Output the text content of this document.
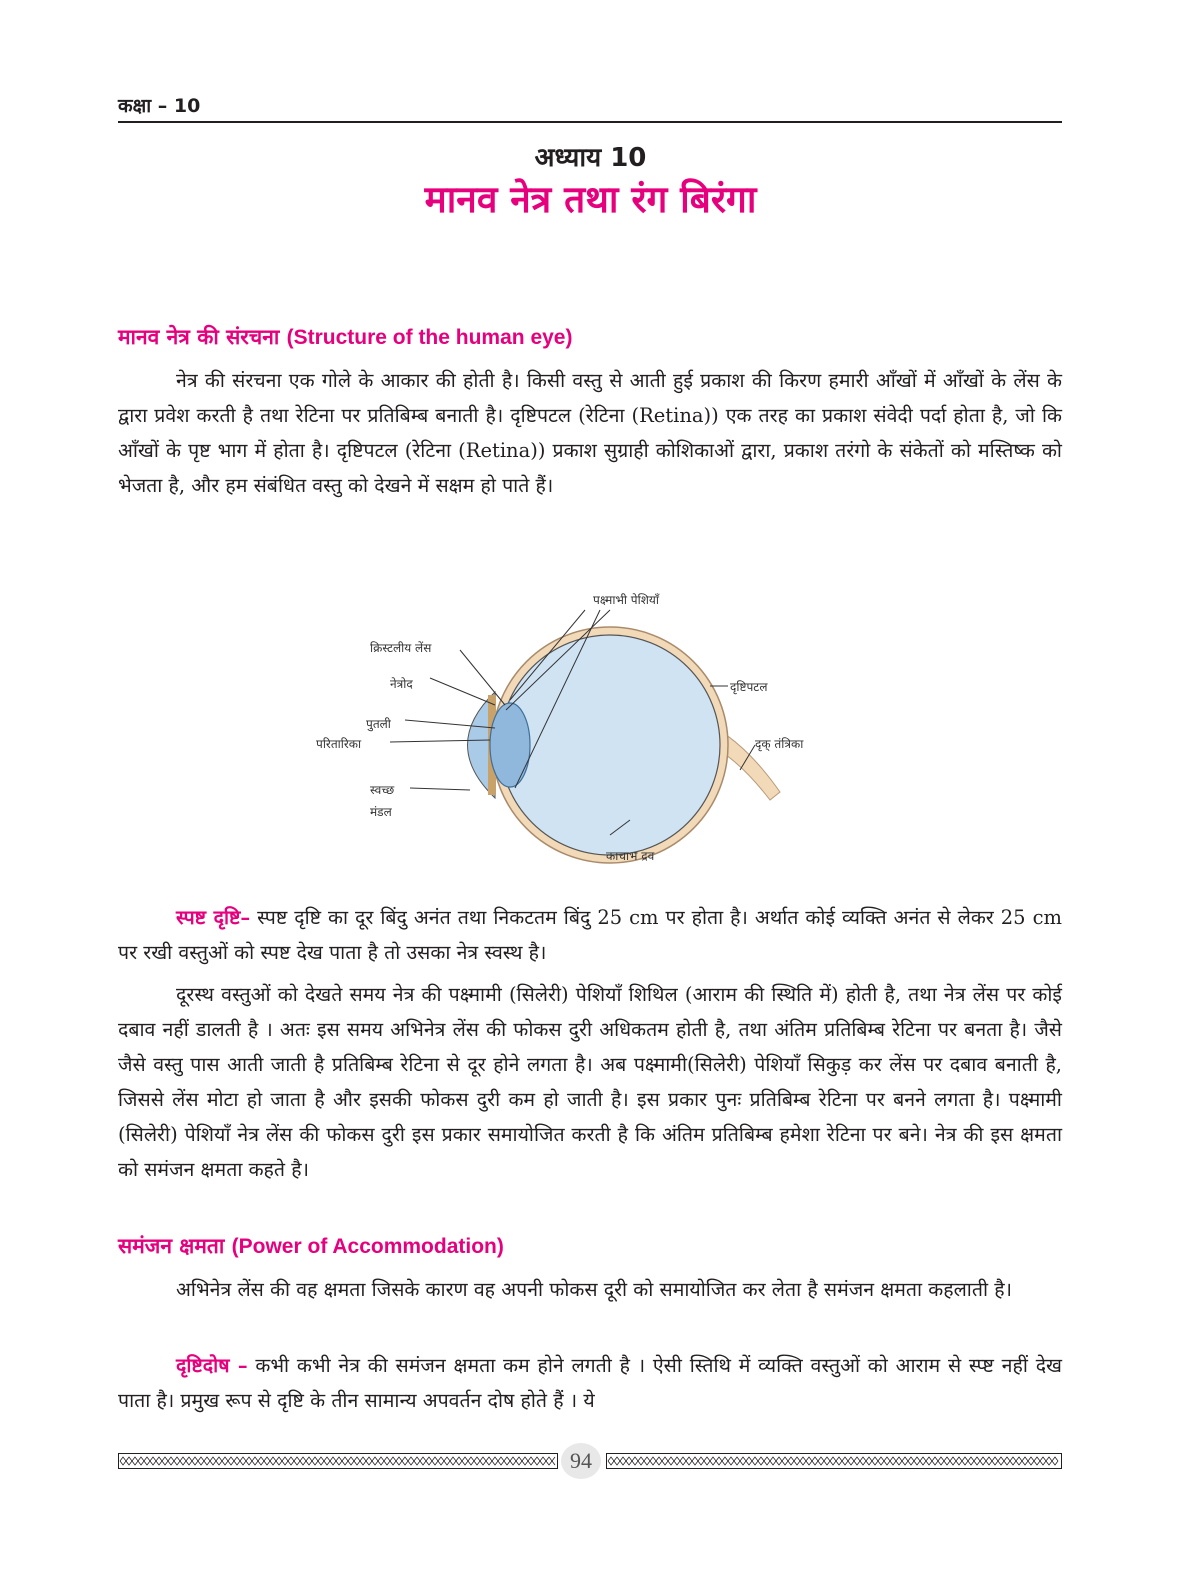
कक्षा – 10
अध्याय 10
मानव नेत्र तथा रंग बिरंगा
मानव नेत्र की संरचना (Structure of the human eye)
नेत्र की संरचना एक गोले के आकार की होती है। किसी वस्तु से आती हुई प्रकाश की किरण हमारी आँखों में आँखों के लेंस के द्वारा प्रवेश करती है तथा रेटिना पर प्रतिबिम्ब बनाती है। दृष्टिपटल (रेटिना (Retina)) एक तरह का प्रकाश संवेदी पर्दा होता है, जो कि आँखों के पृष्ट भाग में होता है। दृष्टिपटल (रेटिना (Retina)) प्रकाश सुग्राही कोशिकाओं द्वारा, प्रकाश तरंगो के संकेतों को मस्तिष्क को भेजता है, और हम संबंधित वस्तु को देखने में सक्षम हो पाते हैं।
पक्ष्माभी पेशियाँ
क्रिस्टलीय लेंस
नेत्रोद
पुतली
परितारिका
स्वच्छ
मंडल
दृष्टिपटल
दृक् तंत्रिका
काचाभ द्रव
स्पष्ट दृष्टि– स्पष्ट दृष्टि का दूर बिंदु अनंत तथा निकटतम बिंदु 25 cm पर होता है। अर्थात कोई व्यक्ति अनंत से लेकर 25 cm पर रखी वस्तुओं को स्पष्ट देख पाता है तो उसका नेत्र स्वस्थ है।
दूरस्थ वस्तुओं को देखते समय नेत्र की पक्ष्मामी (सिलेरी) पेशियाँ शिथिल (आराम की स्थिति में) होती है, तथा नेत्र लेंस पर कोई दबाव नहीं डालती है । अतः इस समय अभिनेत्र लेंस की फोकस दुरी अधिकतम होती है, तथा अंतिम प्रतिबिम्ब रेटिना पर बनता है। जैसे जैसे वस्तु पास आती जाती है प्रतिबिम्ब रेटिना से दूर होने लगता है। अब पक्ष्मामी(सिलेरी) पेशियाँ सिकुड़ कर लेंस पर दबाव बनाती है, जिससे लेंस मोटा हो जाता है और इसकी फोकस दुरी कम हो जाती है। इस प्रकार पुनः प्रतिबिम्ब रेटिना पर बनने लगता है। पक्ष्मामी (सिलेरी) पेशियाँ नेत्र लेंस की फोकस दुरी इस प्रकार समायोजित करती है कि अंतिम प्रतिबिम्ब हमेशा रेटिना पर बने। नेत्र की इस क्षमता को समंजन क्षमता कहते है।
समंजन क्षमता (Power of Accommodation)
अभिनेत्र लेंस की वह क्षमता जिसके कारण वह अपनी फोकस दूरी को समायोजित कर लेता है समंजन क्षमता कहलाती है।
दृष्टिदोष – कभी कभी नेत्र की समंजन क्षमता कम होने लगती है । ऐसी स्तिथि में व्यक्ति वस्तुओं को आराम से स्प्ष्ट नहीं देख पाता है। प्रमुख रूप से दृष्टि के तीन सामान्य अपवर्तन दोष होते हैं । ये
94
